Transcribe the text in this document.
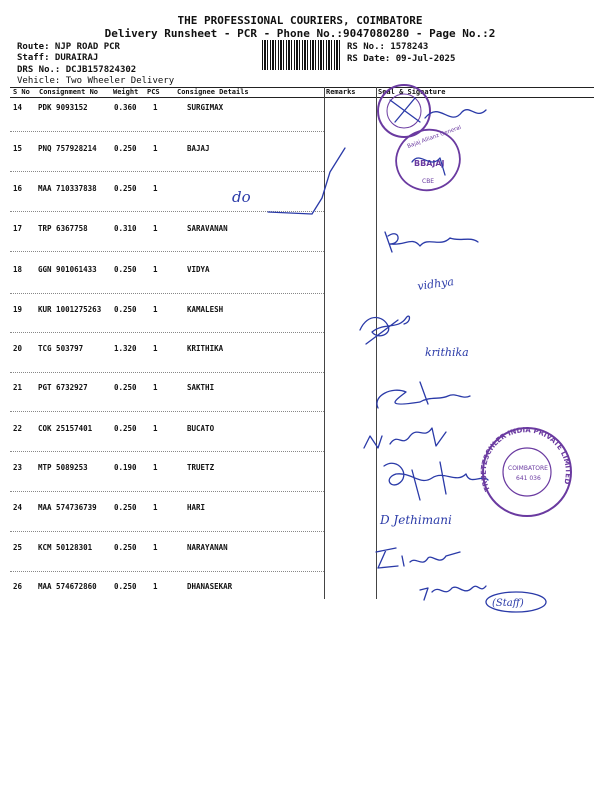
THE PROFESSIONAL COURIERS, COIMBATORE
Delivery Runsheet - PCR - Phone No.:9047080280 - Page No.:2
Route: NJP ROAD PCR
Staff: DURAIRAJ
DRS No.: DCJB157824302
Vehicle: Two Wheeler Delivery
RS No.: 1578243
RS Date: 09-Jul-2025
S No Consignment No Weight PCS Consignee Details	Remarks	Seal & Signature
14 PDK 9093152	0.360 1	SURGIMAX
15 PNQ 757928214 0.250 1	BAJAJ
16 MAA 710337838 0.250 1
17 TRP 6367758	0.310 1	SARAVANAN
18 GGN 901061433 0.250 1	VIDYA
19 KUR 1001275263 0.250 1	KAMALESH
20 TCG 503797	1.320 1	KRITHIKA
21 PGT 6732927	0.250 1	SAKTHI
22 COK 25157401	0.250 1	BUCATO
23 MTP 5089253	0.190 1	TRUETZ
24 MAA 574736739 0.250 1	HARI
25 KCM 50128301	0.250 1	NARAYANAN
26 MAA 574672860 0.250 1	DHANASEKAR
Bajaj Allianz General
BBAJAJ
CBE
do
vidhya
krithika
TRUETZSCHLER INDIA PRIVATE LIMITED
COIMBATORE
641 036
D Jethimani
(Staff)
